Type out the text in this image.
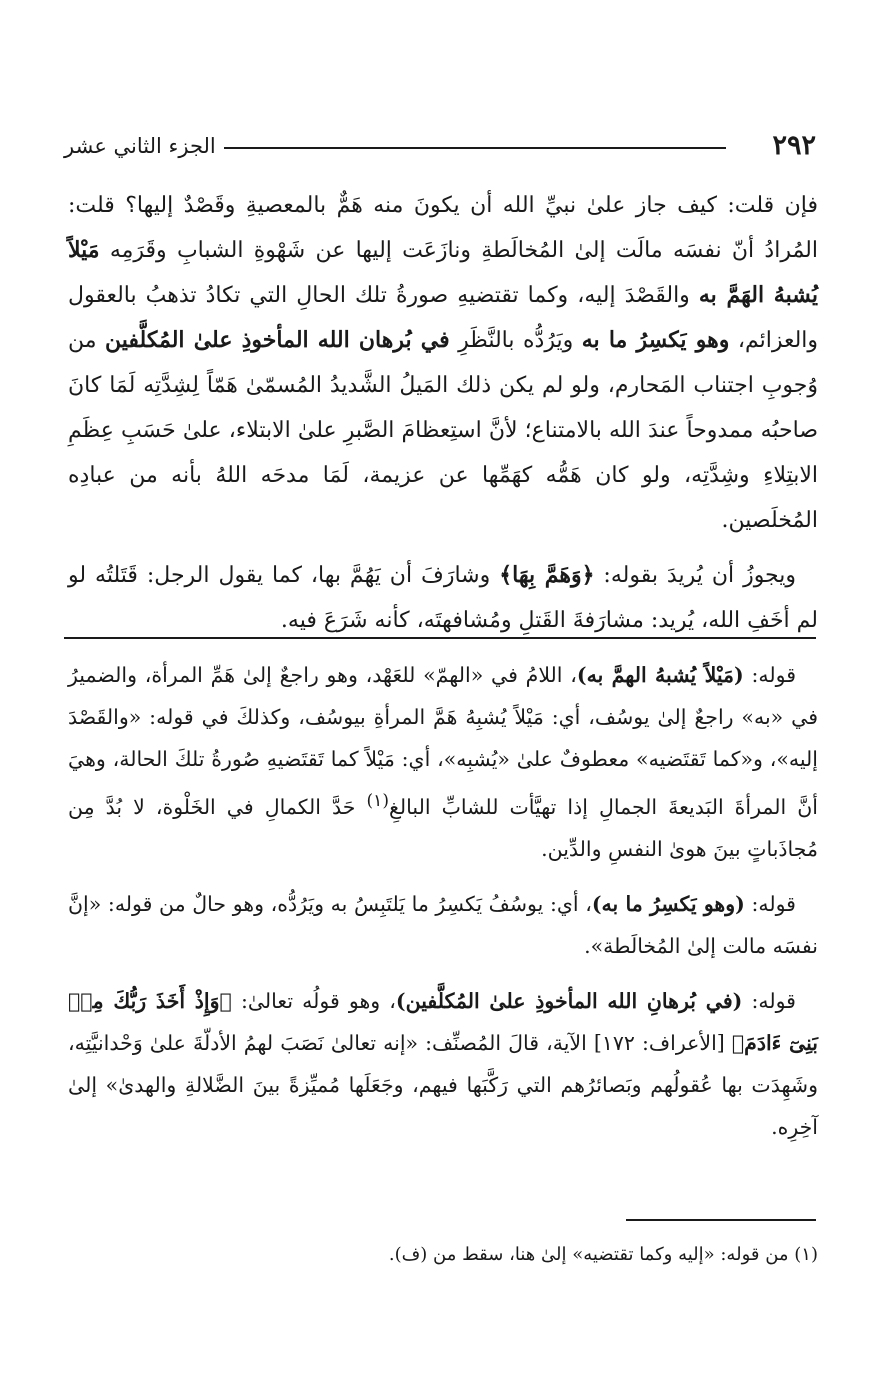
٢٩٢
الجزء الثاني عشر

فإن قلت: كيف جاز علىٰ نبيِّ الله أن يكونَ منه هَمٌّ بالمعصيةِ وقَصْدٌ إليها؟ قلت: المُرادُ أنّ نفسَه مالَت إلىٰ المُخالَطةِ ونازَعَت إليها عن شَهْوةِ الشبابِ وقَرَمِه مَيْلاً يُشبهُ الهَمَّ به والقَصْدَ إليه، وكما تقتضيهِ صورةُ تلك الحالِ التي تكادُ تذهبُ بالعقول والعزائم، وهو يَكسِرُ ما به ويَرُدُّه بالنَّظَرِ في بُرهان الله المأخوذِ علىٰ المُكلَّفين من وُجوبِ اجتناب المَحارم، ولو لم يكن ذلك المَيلُ الشَّديدُ المُسمّىٰ هَمّاً لِشِدَّتِه لَمَا كانَ صاحبُه ممدوحاً عندَ الله بالامتناع؛ لأنَّ استِعظامَ الصَّبرِ علىٰ الابتلاء، علىٰ حَسَبِ عِظَمِ الابتِلاءِ وشِدَّتِه، ولو كان هَمُّه كهَمِّها عن عزيمة، لَمَا مدحَه اللهُ بأنه من عبادِه المُخلَصين.

ويجوزُ أن يُريدَ بقوله: ﴿وَهَمَّ بِهَا﴾ وشارَفَ أن يَهُمَّ بها، كما يقول الرجل: قَتَلتُه لو لم أخَفِ الله، يُريد: مشارَفةَ القَتلِ ومُشافهتَه، كأنه شَرَعَ فيه.

قوله: (مَيْلاً يُشبهُ الهمَّ به)، اللامُ في «الهمّ» للعَهْد، وهو راجعٌ إلىٰ هَمِّ المرأة، والضميرُ في «به» راجعٌ إلىٰ يوسُف، أي: مَيْلاً يُشبِهُ هَمَّ المرأةِ بيوسُف، وكذلكَ في قوله: «والقَصْدَ إليه»، و«كما تَقتَضيه» معطوفٌ علىٰ «يُشبِه»، أي: مَيْلاً كما تَقتَضيهِ صُورةُ تلكَ الحالة، وهيَ أنَّ المرأةَ البَديعةَ الجمالِ إذا تهيَّأت للشابِّ البالغِ$^{(١)}$ حَدَّ الكمالِ في الخَلْوة، لا بُدَّ مِن مُجاذَباتٍ بينَ هوىٰ النفسِ والدِّين.

قوله: (وهو يَكسِرُ ما به)، أي: يوسُفُ يَكسِرُ ما يَلتَبِسُ به ويَرُدُّه، وهو حالٌ من قوله: «إنَّ نفسَه مالت إلىٰ المُخالَطة».

قوله: (في بُرهانِ الله المأخوذِ علىٰ المُكلَّفين)، وهو قولُه تعالىٰ: ﴿وَإِذْ أَخَذَ رَبُّكَ مِنۢ بَنِىٓ ءَادَمَ﴾ [الأعراف: ١٧٢] الآية، قالَ المُصنِّف: «إنه تعالىٰ نَصَبَ لهمُ الأدلّةَ علىٰ وَحْدانيَّتِه، وشَهِدَت بها عُقولُهم وبَصائرُهم التي رَكَّبَها فيهم، وجَعَلَها مُميِّزةً بينَ الضَّلالةِ والهدىٰ» إلىٰ آخِرِه.

(١) من قوله: «إليه وكما تقتضيه» إلىٰ هنا، سقط من (ف).
